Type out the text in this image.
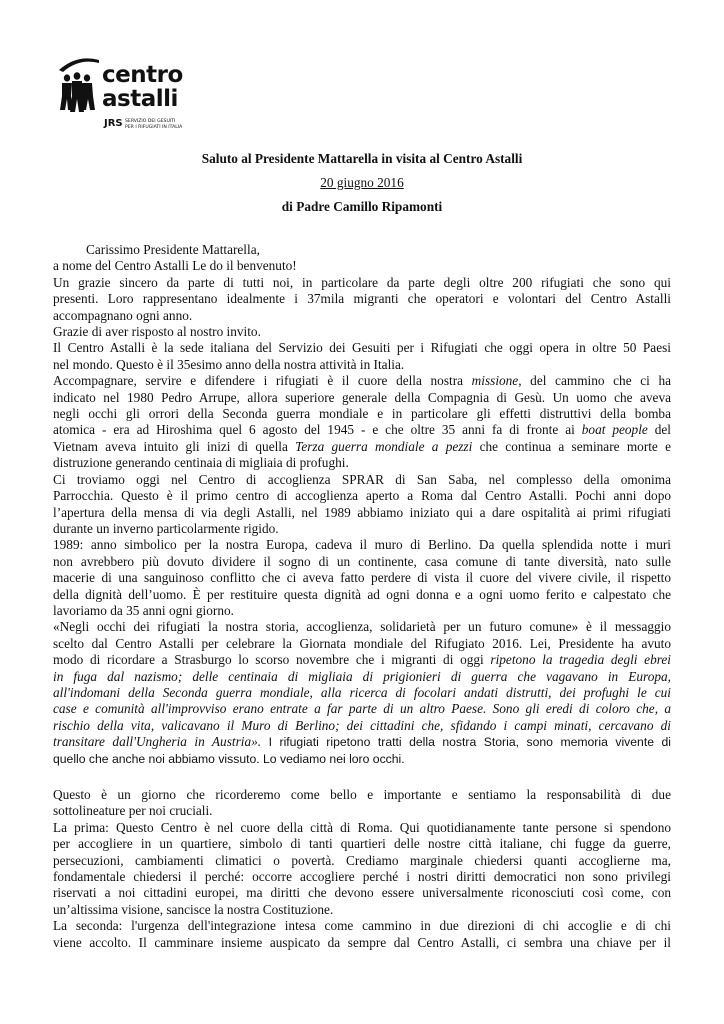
centro
astalli
JRS SERVIZIO DEI GESUITI
PER I RIFUGIATI IN ITALIA
Saluto al Presidente Mattarella in visita al Centro Astalli
20 giugno 2016
di Padre Camillo Ripamonti

Carissimo Presidente Mattarella,

a nome del Centro Astalli Le do il benvenuto!

Un grazie sincero da parte di tutti noi, in particolare da parte degli oltre 200 rifugiati che sono qui

presenti. Loro rappresentano idealmente i 37mila migranti che operatori e volontari del Centro Astalli

accompagnano ogni anno.

Grazie di aver risposto al nostro invito.

Il Centro Astalli è la sede italiana del Servizio dei Gesuiti per i Rifugiati che oggi opera in oltre 50 Paesi

nel mondo. Questo è il 35esimo anno della nostra attività in Italia.

Accompagnare, servire e difendere i rifugiati è il cuore della nostra missione, del cammino che ci ha

indicato nel 1980 Pedro Arrupe, allora superiore generale della Compagnia di Gesù. Un uomo che aveva

negli occhi gli orrori della Seconda guerra mondiale e in particolare gli effetti distruttivi della bomba

atomica - era ad Hiroshima quel 6 agosto del 1945 - e che oltre 35 anni fa di fronte ai boat people del

Vietnam aveva intuito gli inizi di quella Terza guerra mondiale a pezzi che continua a seminare morte e

distruzione generando centinaia di migliaia di profughi.

Ci troviamo oggi nel Centro di accoglienza SPRAR di San Saba, nel complesso della omonima

Parrocchia. Questo è il primo centro di accoglienza aperto a Roma dal Centro Astalli. Pochi anni dopo

l’apertura della mensa di via degli Astalli, nel 1989 abbiamo iniziato qui a dare ospitalità ai primi rifugiati

durante un inverno particolarmente rigido.

1989: anno simbolico per la nostra Europa, cadeva il muro di Berlino. Da quella splendida notte i muri

non avrebbero più dovuto dividere il sogno di un continente, casa comune di tante diversità, nato sulle

macerie di una sanguinoso conflitto che ci aveva fatto perdere di vista il cuore del vivere civile, il rispetto

della dignità dell’uomo. È per restituire questa dignità ad ogni donna e a ogni uomo ferito e calpestato che

lavoriamo da 35 anni ogni giorno.

«Negli occhi dei rifugiati la nostra storia, accoglienza, solidarietà per un futuro comune» è il messaggio

scelto dal Centro Astalli per celebrare la Giornata mondiale del Rifugiato 2016. Lei, Presidente ha avuto

modo di ricordare a Strasburgo lo scorso novembre che i migranti di oggi ripetono la tragedia degli ebrei

in fuga dal nazismo; delle centinaia di migliaia di prigionieri di guerra che vagavano in Europa,

all'indomani della Seconda guerra mondiale, alla ricerca di focolari andati distrutti, dei profughi le cui

case e comunità all'improvviso erano entrate a far parte di un altro Paese. Sono gli eredi di coloro che, a

rischio della vita, valicavano il Muro di Berlino; dei cittadini che, sfidando i campi minati, cercavano di

transitare dall'Ungheria in Austria». I rifugiati ripetono tratti della nostra Storia, sono memoria vivente di

quello che anche noi abbiamo vissuto. Lo vediamo nei loro occhi.

Questo è un giorno che ricorderemo come bello e importante e sentiamo la responsabilità di due

sottolineature per noi cruciali.

La prima: Questo Centro è nel cuore della città di Roma. Qui quotidianamente tante persone si spendono

per accogliere in un quartiere, simbolo di tanti quartieri delle nostre città italiane, chi fugge da guerre,

persecuzioni, cambiamenti climatici o povertà. Crediamo marginale chiedersi quanti accoglierne ma,

fondamentale chiedersi il perché: occorre accogliere perché i nostri diritti democratici non sono privilegi

riservati a noi cittadini europei, ma diritti che devono essere universalmente riconosciuti così come, con

un’altissima visione, sancisce la nostra Costituzione.

La seconda: l'urgenza dell'integrazione intesa come cammino in due direzioni di chi accoglie e di chi

viene accolto. Il camminare insieme auspicato da sempre dal Centro Astalli, ci sembra una chiave per il
